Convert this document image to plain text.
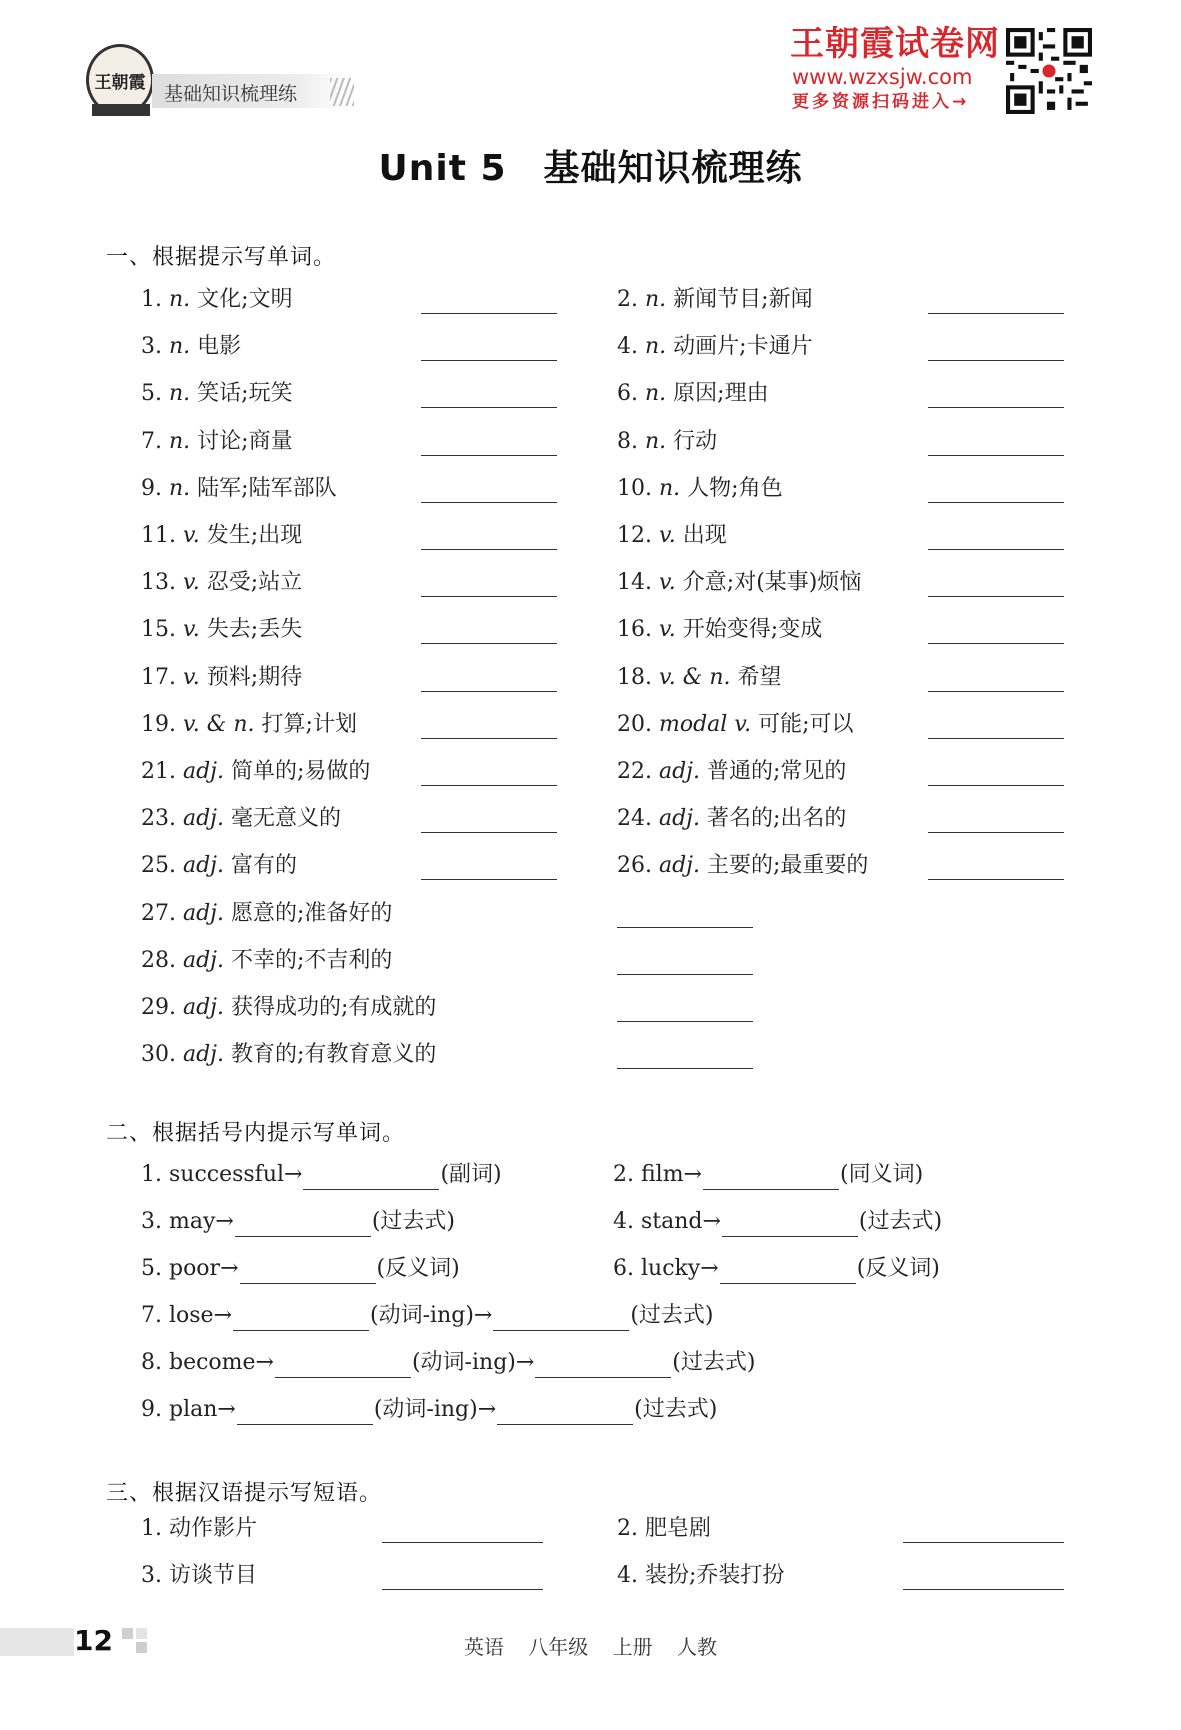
王朝霞
基础知识梳理练
王朝霞试卷网
www.wzxsjw.com
更多资源扫码进入→
Unit 5　基础知识梳理练
一、根据提示写单词。
1. n. 文化;文明	2. n. 新闻节目;新闻
3. n. 电影	4. n. 动画片;卡通片
5. n. 笑话;玩笑	6. n. 原因;理由
7. n. 讨论;商量	8. n. 行动
9. n. 陆军;陆军部队	10. n. 人物;角色
11. v. 发生;出现	12. v. 出现
13. v. 忍受;站立	14. v. 介意;对(某事)烦恼
15. v. 失去;丢失	16. v. 开始变得;变成
17. v. 预料;期待	18. v. & n. 希望
19. v. & n. 打算;计划	20. modal v. 可能;可以
21. adj. 简单的;易做的	22. adj. 普通的;常见的
23. adj. 毫无意义的	24. adj. 著名的;出名的
25. adj. 富有的	26. adj. 主要的;最重要的
27. adj. 愿意的;准备好的
28. adj. 不幸的;不吉利的
29. adj. 获得成功的;有成就的
30. adj. 教育的;有教育意义的
二、根据括号内提示写单词。
1. successful→	(副词)	2. film→	(同义词)
3. may→	(过去式)	4. stand→	(过去式)
5. poor→	(反义词)	6. lucky→	(反义词)
7. lose→	(动词-ing)→	(过去式)
8. become→	(动词-ing)→	(过去式)
9. plan→	(动词-ing)→	(过去式)
三、根据汉语提示写短语。
1. 动作影片	2. 肥皂剧
3. 访谈节目	4. 装扮;乔装打扮
12	英语 八年级 上册 人教
